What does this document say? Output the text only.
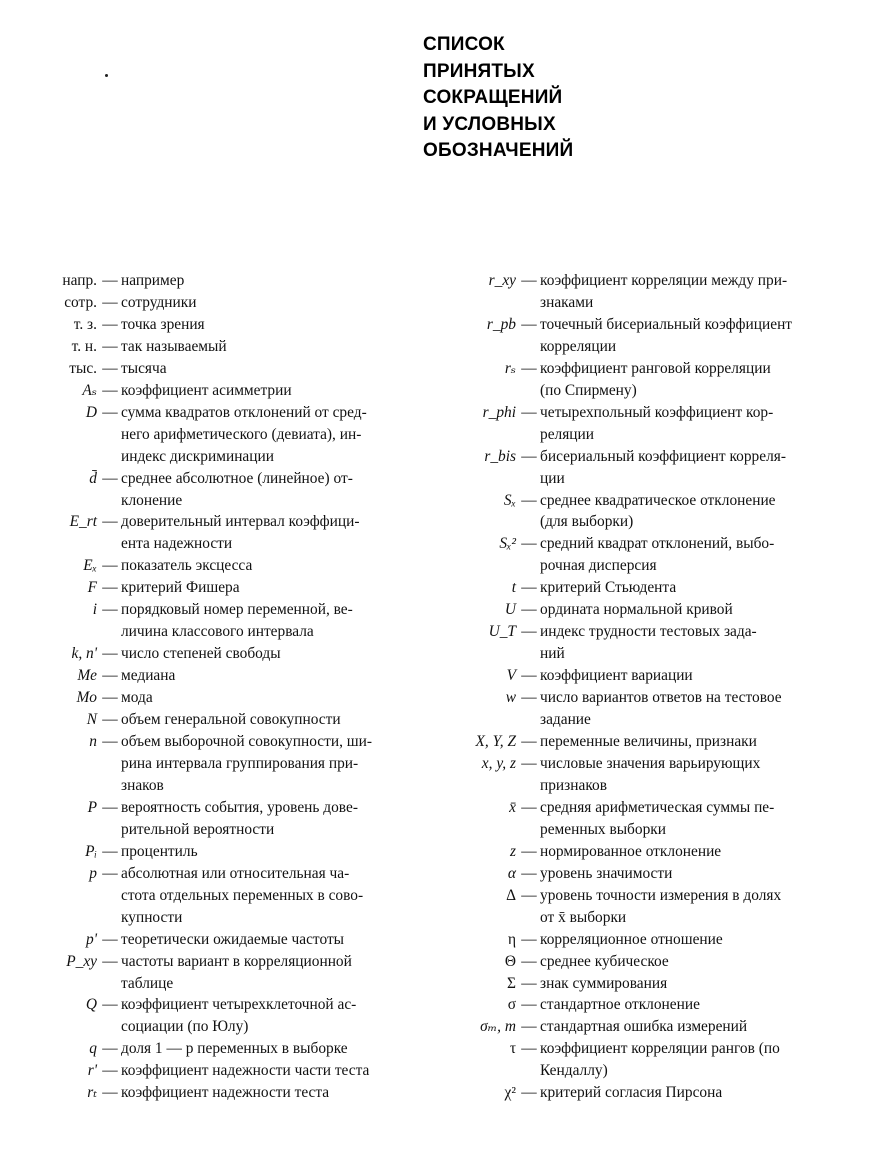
СПИСОК
ПРИНЯТЫХ
СОКРАЩЕНИЙ
И УСЛОВНЫХ
ОБОЗНАЧЕНИЙ
напр. — например
сотр. — сотрудники
т. з. — точка зрения
т. н. — так называемый
тыс. — тысяча
Aₛ — коэффициент асимметрии
D — сумма квадратов отклонений от сред-
него арифметического (девиата), ин-
индекс дискриминации
d̄ — среднее абсолютное (линейное) от-
клонение
E_rt — доверительный интервал коэффици-
ента надежности
Eₓ — показатель эксцесса
F — критерий Фишера
i — порядковый номер переменной, ве-
личина классового интервала
k, n' — число степеней свободы
Me — медиана
Mo — мода
N — объем генеральной совокупности
n — объем выборочной совокупности, ши-
рина интервала группирования при-
знаков
P — вероятность события, уровень дове-
рительной вероятности
Pᵢ — процентиль
p — абсолютная или относительная ча-
стота отдельных переменных в сово-
купности
p' — теоретически ожидаемые частоты
P_xy — частоты вариант в корреляционной
таблице
Q — коэффициент четырехклеточной ас-
социации (по Юлу)
q — доля 1 — p переменных в выборке
r' — коэффициент надежности части теста
rₜ — коэффициент надежности теста
r_xy — коэффициент корреляции между при-
знаками
r_pb — точечный бисериальный коэффициент
корреляции
rₛ — коэффициент ранговой корреляции
(по Спирмену)
r_phi — четырехпольный коэффициент кор-
реляции
r_bis — бисериальный коэффициент корреля-
ции
Sₓ — среднее квадратическое отклонение
(для выборки)
Sₓ² — средний квадрат отклонений, выбо-
рочная дисперсия
t — критерий Стьюдента
U — ордината нормальной кривой
U_T — индекс трудности тестовых зада-
ний
V — коэффициент вариации
w — число вариантов ответов на тестовое
задание
X, Y, Z — переменные величины, признаки
x, y, z — числовые значения варьирующих
признаков
x̄ — средняя арифметическая суммы пе-
ременных выборки
z — нормированное отклонение
α — уровень значимости
Δ — уровень точности измерения в долях
от x̄ выборки
η — корреляционное отношение
Θ — среднее кубическое
Σ — знак суммирования
σ — стандартное отклонение
σₘ, m — стандартная ошибка измерений
τ — коэффициент корреляции рангов (по
Кендаллу)
χ² — критерий согласия Пирсона
